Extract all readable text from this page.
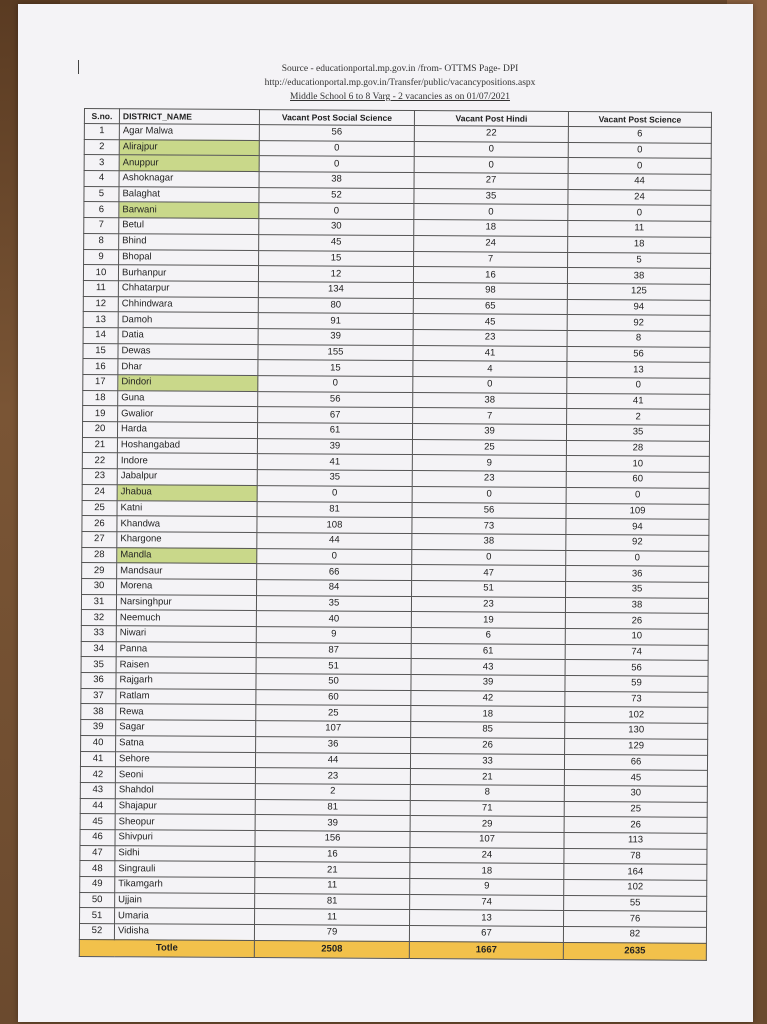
Source - educationportal.mp.gov.in /from- OTTMS Page- DPI
http://educationportal.mp.gov.in/Transfer/public/vacancypositions.aspx
Middle School 6 to 8 Varg - 2 vacancies as on 01/07/2021
S.no.	DISTRICT_NAME	Vacant Post Social Science	Vacant Post Hindi	Vacant Post Science
1	Agar Malwa	56	22	6
2	Alirajpur	0	0	0
3	Anuppur	0	0	0
4	Ashoknagar	38	27	44
5	Balaghat	52	35	24
6	Barwani	0	0	0
7	Betul	30	18	11
8	Bhind	45	24	18
9	Bhopal	15	7	5
10	Burhanpur	12	16	38
11	Chhatarpur	134	98	125
12	Chhindwara	80	65	94
13	Damoh	91	45	92
14	Datia	39	23	8
15	Dewas	155	41	56
16	Dhar	15	4	13
17	Dindori	0	0	0
18	Guna	56	38	41
19	Gwalior	67	7	2
20	Harda	61	39	35
21	Hoshangabad	39	25	28
22	Indore	41	9	10
23	Jabalpur	35	23	60
24	Jhabua	0	0	0
25	Katni	81	56	109
26	Khandwa	108	73	94
27	Khargone	44	38	92
28	Mandla	0	0	0
29	Mandsaur	66	47	36
30	Morena	84	51	35
31	Narsinghpur	35	23	38
32	Neemuch	40	19	26
33	Niwari	9	6	10
34	Panna	87	61	74
35	Raisen	51	43	56
36	Rajgarh	50	39	59
37	Ratlam	60	42	73
38	Rewa	25	18	102
39	Sagar	107	85	130
40	Satna	36	26	129
41	Sehore	44	33	66
42	Seoni	23	21	45
43	Shahdol	2	8	30
44	Shajapur	81	71	25
45	Sheopur	39	29	26
46	Shivpuri	156	107	113
47	Sidhi	16	24	78
48	Singrauli	21	18	164
49	Tikamgarh	11	9	102
50	Ujjain	81	74	55
51	Umaria	11	13	76
52	Vidisha	79	67	82
Totle		2508	1667	2635
